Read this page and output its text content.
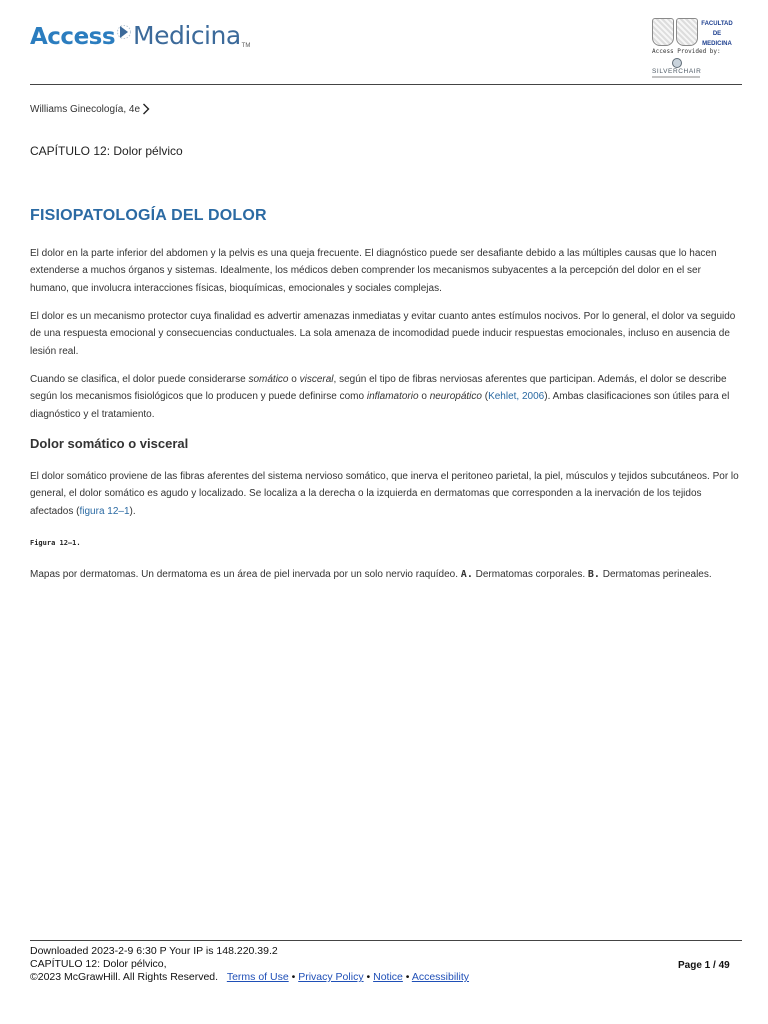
Access Medicina TM
FACULTAD
DE
MEDICINA
Access Provided by:
SILVERCHAIR
Williams Ginecología, 4e
CAPÍTULO 12: Dolor pélvico
FISIOPATOLOGÍA DEL DOLOR

El dolor en la parte inferior del abdomen y la pelvis es una queja frecuente. El diagnóstico puede ser desafiante debido a las múltiples causas que lo hacen extenderse a muchos órganos y sistemas. Idealmente, los médicos deben comprender los mecanismos subyacentes a la percepción del dolor en el ser humano, que involucra interacciones físicas, bioquímicas, emocionales y sociales complejas.

El dolor es un mecanismo protector cuya finalidad es advertir amenazas inmediatas y evitar cuanto antes estímulos nocivos. Por lo general, el dolor va seguido de una respuesta emocional y consecuencias conductuales. La sola amenaza de incomodidad puede inducir respuestas emocionales, incluso en ausencia de lesión real.

Cuando se clasifica, el dolor puede considerarse somático o visceral, según el tipo de fibras nerviosas aferentes que participan. Además, el dolor se describe según los mecanismos fisiológicos que lo producen y puede definirse como inflamatorio o neuropático (Kehlet, 2006). Ambas clasificaciones son útiles para el diagnóstico y el tratamiento.

Dolor somático o visceral

El dolor somático proviene de las fibras aferentes del sistema nervioso somático, que inerva el peritoneo parietal, la piel, músculos y tejidos subcutáneos. Por lo general, el dolor somático es agudo y localizado. Se localiza a la derecha o la izquierda en dermatomas que corresponden a la inervación de los tejidos afectados (figura 12–1).

Figura 12–1.

Mapas por dermatomas. Un dermatoma es un área de piel inervada por un solo nervio raquídeo. A. Dermatomas corporales. B. Dermatomas perineales.

Downloaded 2023-2-9 6:30 P Your IP is 148.220.39.2
CAPÍTULO 12: Dolor pélvico,
©2023 McGrawHill. All Rights Reserved. Terms of Use • Privacy Policy • Notice • Accessibility
Page 1 / 49
